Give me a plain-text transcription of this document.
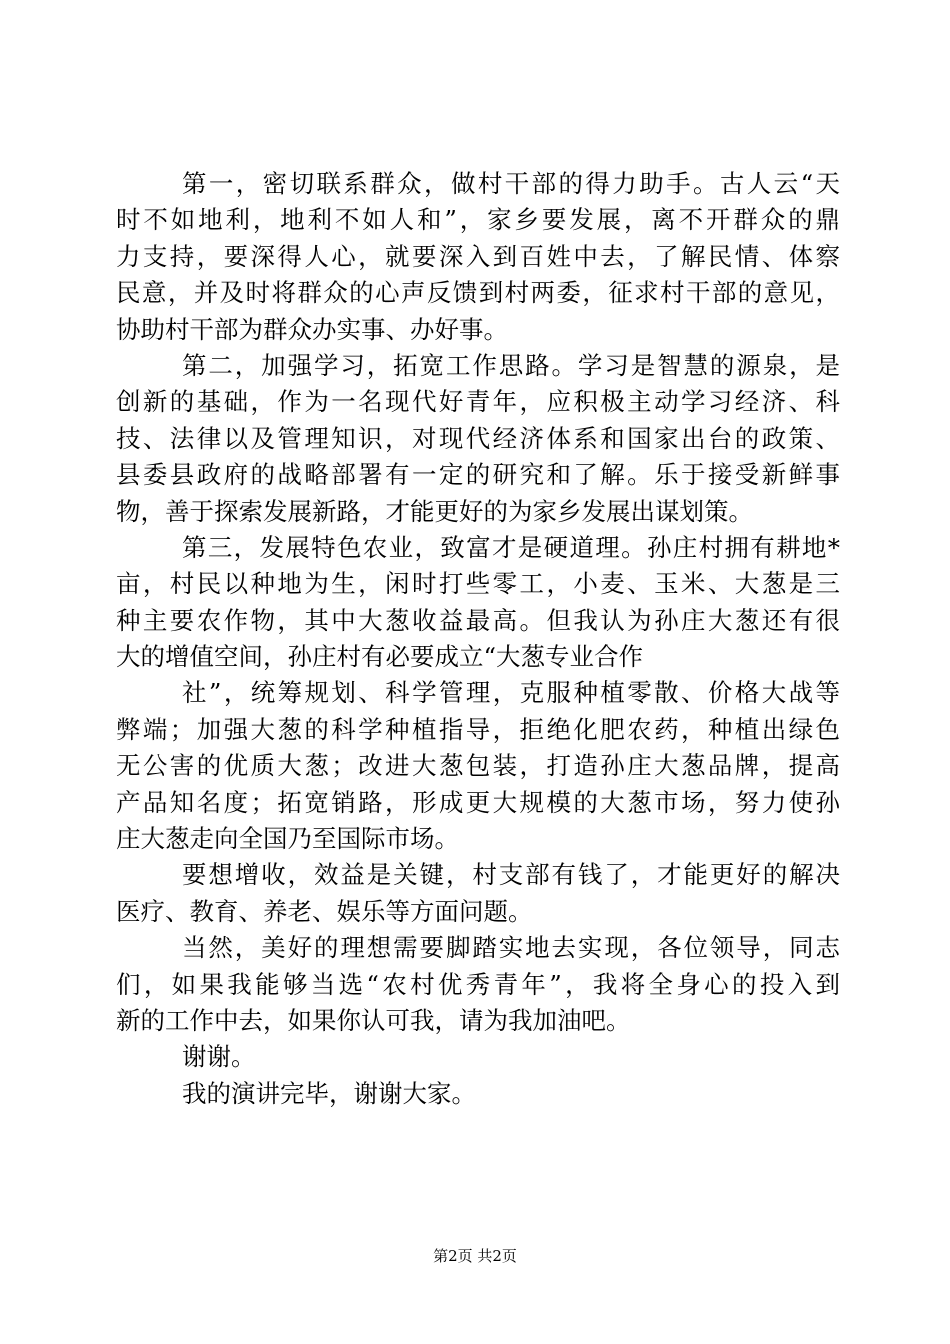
第一，密切联系群众，做村干部的得力助手。古人云“天
时不如地利，地利不如人和”，家乡要发展，离不开群众的鼎
力支持，要深得人心，就要深入到百姓中去，了解民情、体察
民意，并及时将群众的心声反馈到村两委，征求村干部的意见，
协助村干部为群众办实事、办好事。
第二，加强学习，拓宽工作思路。学习是智慧的源泉，是
创新的基础，作为一名现代好青年，应积极主动学习经济、科
技、法律以及管理知识，对现代经济体系和国家出台的政策、
县委县政府的战略部署有一定的研究和了解。乐于接受新鲜事
物，善于探索发展新路，才能更好的为家乡发展出谋划策。
第三，发展特色农业，致富才是硬道理。孙庄村拥有耕地*
亩，村民以种地为生，闲时打些零工，小麦、玉米、大葱是三
种主要农作物，其中大葱收益最高。但我认为孙庄大葱还有很
大的增值空间，孙庄村有必要成立“大葱专业合作
社”，统筹规划、科学管理，克服种植零散、价格大战等
弊端；加强大葱的科学种植指导，拒绝化肥农药，种植出绿色
无公害的优质大葱；改进大葱包装，打造孙庄大葱品牌，提高
产品知名度；拓宽销路，形成更大规模的大葱市场，努力使孙
庄大葱走向全国乃至国际市场。
要想增收，效益是关键，村支部有钱了，才能更好的解决
医疗、教育、养老、娱乐等方面问题。
当然，美好的理想需要脚踏实地去实现，各位领导，同志
们，如果我能够当选“农村优秀青年”，我将全身心的投入到
新的工作中去，如果你认可我，请为我加油吧。
谢谢。
我的演讲完毕，谢谢大家。
第2页 共2页
